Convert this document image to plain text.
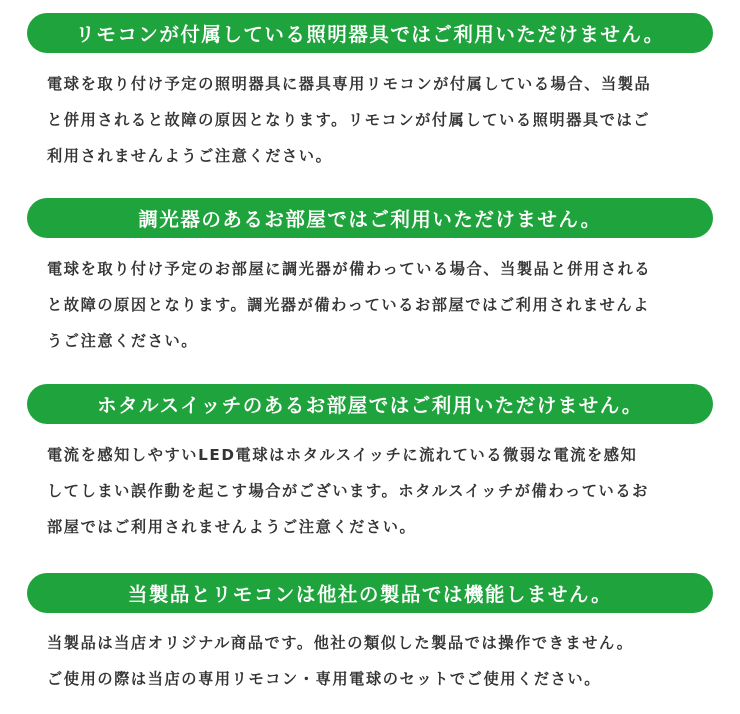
リモコンが付属している照明器具ではご利用いただけません。
電球を取り付け予定の照明器具に器具専用リモコンが付属している場合、当製品
と併用されると故障の原因となります。リモコンが付属している照明器具ではご
利用されませんようご注意ください。
調光器のあるお部屋ではご利用いただけません。
電球を取り付け予定のお部屋に調光器が備わっている場合、当製品と併用される
と故障の原因となります。調光器が備わっているお部屋ではご利用されませんよ
うご注意ください。
ホタルスイッチのあるお部屋ではご利用いただけません。
電流を感知しやすいLED電球はホタルスイッチに流れている微弱な電流を感知
してしまい誤作動を起こす場合がございます。ホタルスイッチが備わっているお
部屋ではご利用されませんようご注意ください。
当製品とリモコンは他社の製品では機能しません。
当製品は当店オリジナル商品です。他社の類似した製品では操作できません。
ご使用の際は当店の専用リモコン・専用電球のセットでご使用ください。
